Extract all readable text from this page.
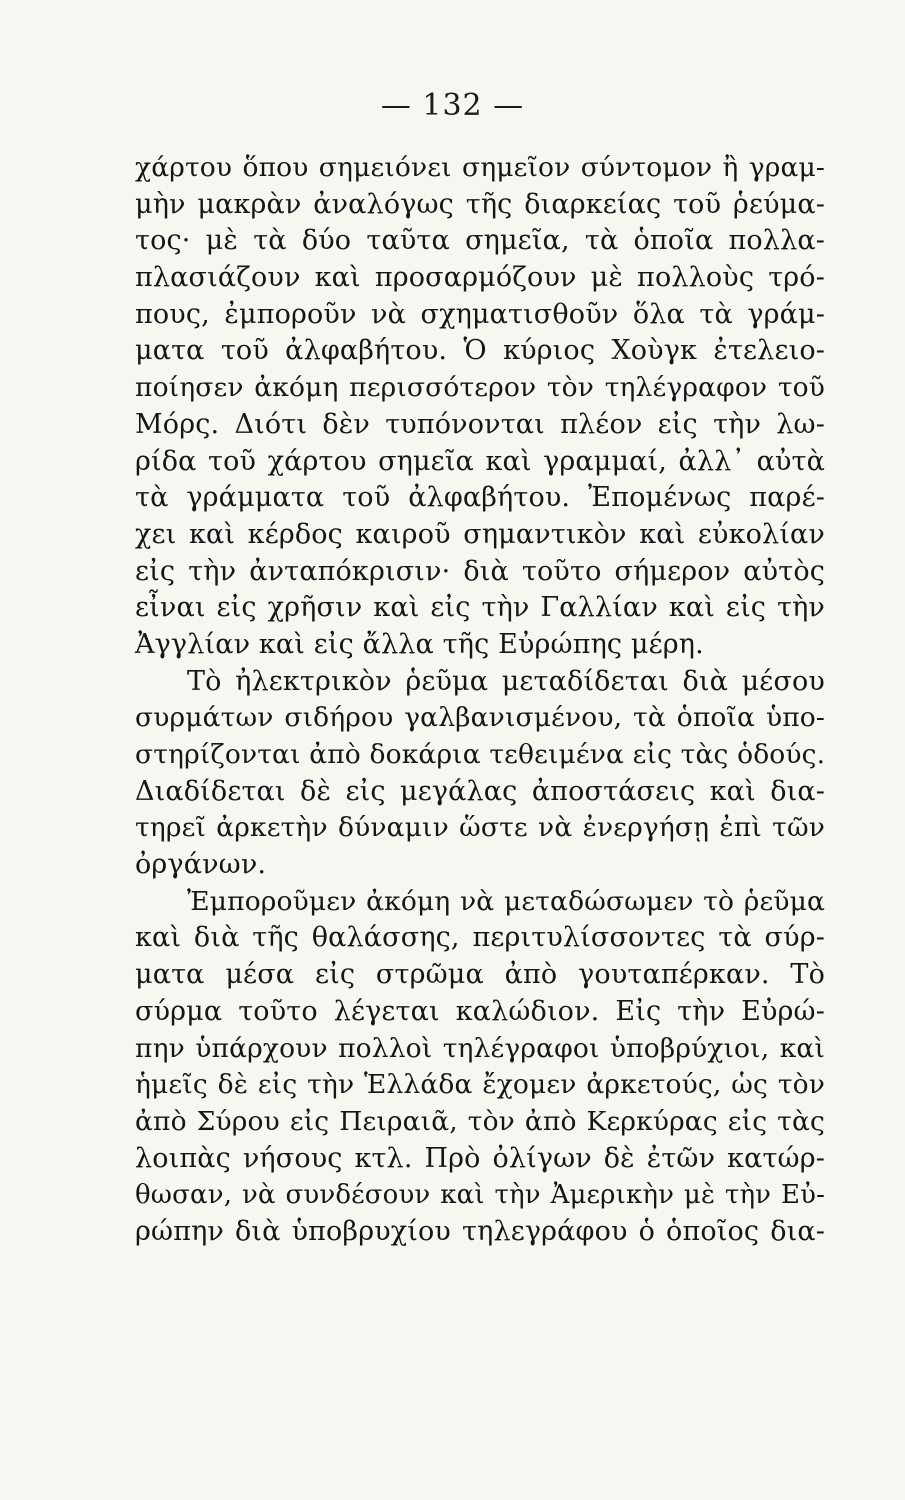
— 132 —
χάρτου ὅπου σημειόνει σημεῖον σύντομον ἢ γραμ-
μὴν μακρὰν ἀναλόγως τῆς διαρκείας τοῦ ῥεύμα-
τος· μὲ τὰ δύο ταῦτα σημεῖα, τὰ ὁποῖα πολλα-
πλασιάζουν καὶ προσαρμόζουν μὲ πολλοὺς τρό-
πους, ἐμποροῦν νὰ σχηματισθοῦν ὅλα τὰ γράμ-
ματα τοῦ ἀλφαβήτου. Ὁ κύριος Χοὺγκ ἐτελειο-
ποίησεν ἀκόμη περισσότερον τὸν τηλέγραφον τοῦ
Μόρς. Διότι δὲν τυπόνονται πλέον εἰς τὴν λω-
ρίδα τοῦ χάρτου σημεῖα καὶ γραμμαί, ἀλλ᾽ αὐτὰ
τὰ γράμματα τοῦ ἀλφαβήτου. Ἐπομένως παρέ-
χει καὶ κέρδος καιροῦ σημαντικὸν καὶ εὐκολίαν
εἰς τὴν ἀνταπόκρισιν· διὰ τοῦτο σήμερον αὐτὸς
εἶναι εἰς χρῆσιν καὶ εἰς τὴν Γαλλίαν καὶ εἰς τὴν
Ἀγγλίαν καὶ εἰς ἄλλα τῆς Εὐρώπης μέρη.
Τὸ ἠλεκτρικὸν ῥεῦμα μεταδίδεται διὰ μέσου
συρμάτων σιδήρου γαλβανισμένου, τὰ ὁποῖα ὑπο-
στηρίζονται ἀπὸ δοκάρια τεθειμένα εἰς τὰς ὁδούς.
Διαδίδεται δὲ εἰς μεγάλας ἀποστάσεις καὶ δια-
τηρεῖ ἀρκετὴν δύναμιν ὥστε νὰ ἐνεργήσῃ ἐπὶ τῶν
ὀργάνων.
Ἐμποροῦμεν ἀκόμη νὰ μεταδώσωμεν τὸ ῥεῦμα
καὶ διὰ τῆς θαλάσσης, περιτυλίσσοντες τὰ σύρ-
ματα μέσα εἰς στρῶμα ἀπὸ γουταπέρκαν. Τὸ
σύρμα τοῦτο λέγεται καλώδιον. Εἰς τὴν Εὐρώ-
πην ὑπάρχουν πολλοὶ τηλέγραφοι ὑποβρύχιοι, καὶ
ἡμεῖς δὲ εἰς τὴν Ἑλλάδα ἔχομεν ἀρκετούς, ὡς τὸν
ἀπὸ Σύρου εἰς Πειραιᾶ, τὸν ἀπὸ Κερκύρας εἰς τὰς
λοιπὰς νήσους κτλ. Πρὸ ὀλίγων δὲ ἐτῶν κατώρ-
θωσαν, νὰ συνδέσουν καὶ τὴν Ἀμερικὴν μὲ τὴν Εὐ-
ρώπην διὰ ὑποβρυχίου τηλεγράφου ὁ ὁποῖος δια-
